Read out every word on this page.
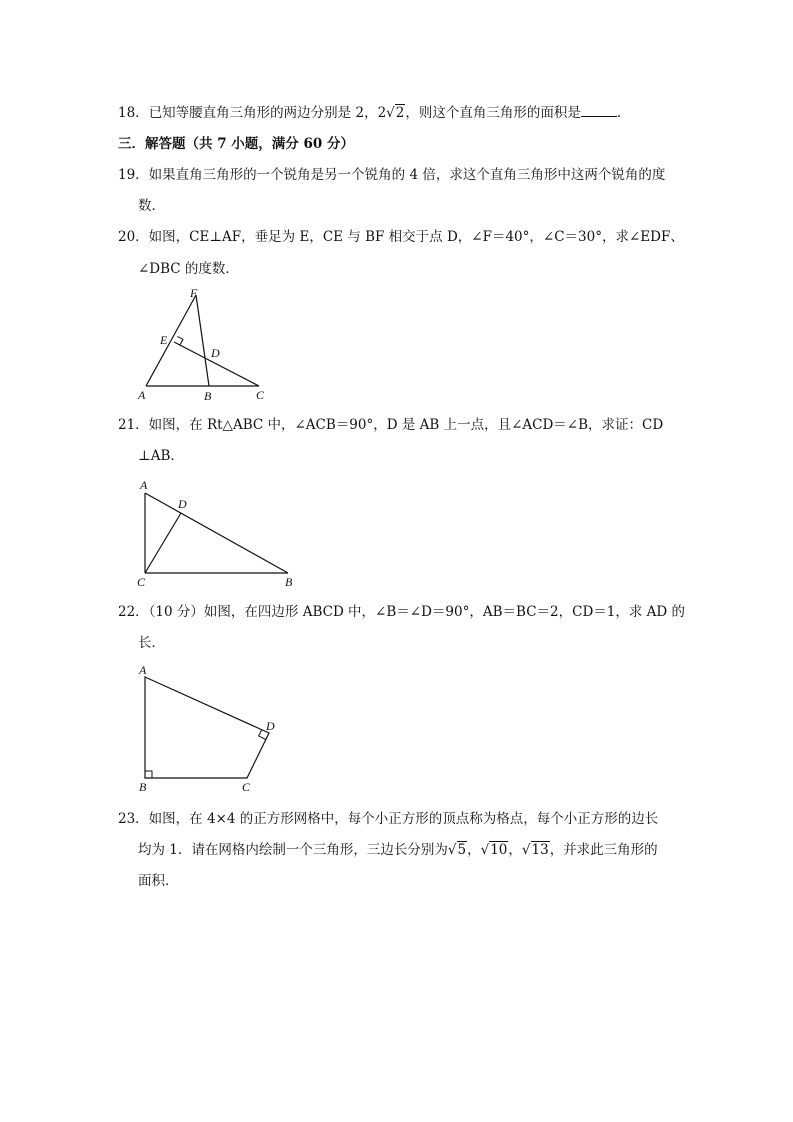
18．已知等腰直角三角形的两边分别是 2，2√2，则这个直角三角形的面积是	．
三．解答题（共 7 小题，满分 60 分）
19．如果直角三角形的一个锐角是另一个锐角的 4 倍，求这个直角三角形中这两个锐角的度
数．
20．如图，CE⊥AF，垂足为 E，CE 与 BF 相交于点 D，∠F＝40°，∠C＝30°，求∠EDF、
∠DBC 的度数．
F
E
D
A	B	C
21．如图，在 Rt△ABC 中，∠ACB＝90°，D 是 AB 上一点，且∠ACD＝∠B，求证：CD
⊥AB．
A
D
C	B
22．（10 分）如图，在四边形 ABCD 中，∠B＝∠D＝90°，AB＝BC＝2，CD＝1，求 AD 的
长．
A
D
B	C
23．如图，在 4×4 的正方形网格中，每个小正方形的顶点称为格点，每个小正方形的边长
均为 1．请在网格内绘制一个三角形，三边长分别为√5，√10，√13，并求此三角形的
面积．
